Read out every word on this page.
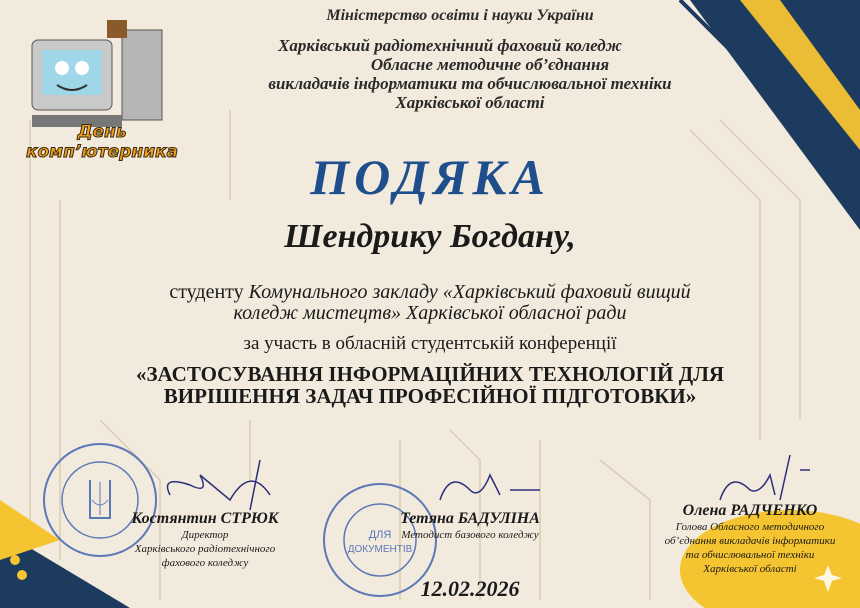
День комп’ютерника
Міністерство освіти і науки України
Харківський радіотехнічний фаховий коледж
Обласне методичне об’єднання
викладачів інформатики та обчислювальної техніки
Харківської області
ПОДЯКА
Шендрику Богдану,
студенту Комунального закладу «Харківський фаховий вищий
коледж мистецтв» Харківської обласної ради
за участь в обласній студентській конференції
«ЗАСТОСУВАННЯ ІНФОРМАЦІЙНИХ ТЕХНОЛОГІЙ ДЛЯ
ВИРІШЕННЯ ЗАДАЧ ПРОФЕСІЙНОЇ ПІДГОТОВКИ»
ДЛЯ
ДОКУМЕНТІВ
Костянтин СТРЮК
Директор
Харківського радіотехнічного
фахового коледжу
Тетяна БАДУЛІНА
Методист базового коледжу
Олена РАДЧЕНКО
Голова Обласного методичного
об’єднання викладачів інформатики
та обчислювальної техніки
Харківської області
12.02.2026
